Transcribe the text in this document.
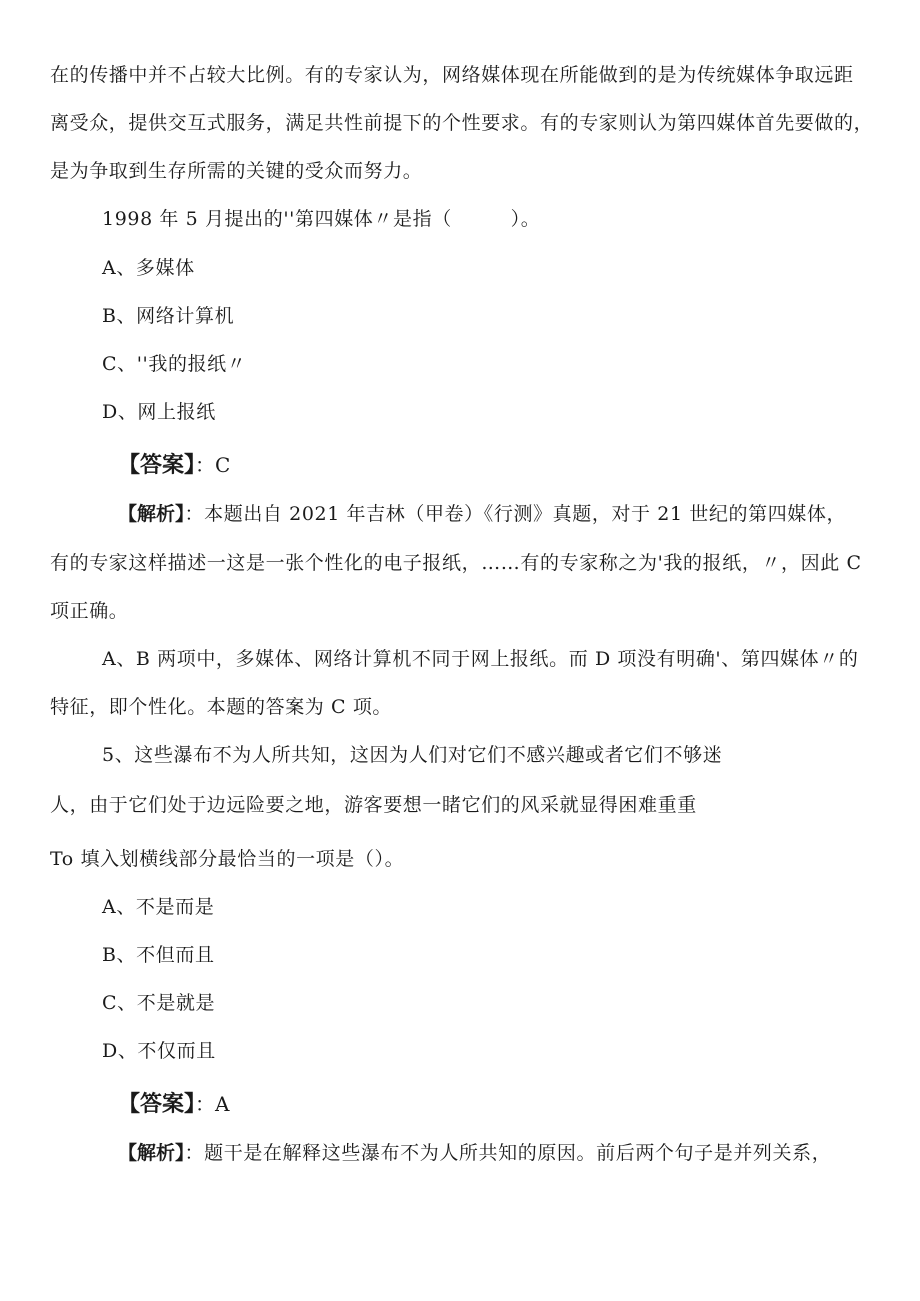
在的传播中并不占较大比例。有的专家认为，网络媒体现在所能做到的是为传统媒体争取远距
离受众，提供交互式服务，满足共性前提下的个性要求。有的专家则认为第四媒体首先要做的，
是为争取到生存所需的关键的受众而努力。
1998 年 5 月提出的''第四媒体〃是指（　　　）。
A、多媒体
B、网络计算机
C、''我的报纸〃
D、网上报纸
【答案】：C
【解析】：本题出自 2021 年吉林（甲卷）《行测》真题，对于 21 世纪的第四媒体，
有的专家这样描述一这是一张个性化的电子报纸，……有的专家称之为'我的报纸，〃，因此 C
项正确。
A、B 两项中，多媒体、网络计算机不同于网上报纸。而 D 项没有明确'、第四媒体〃的
特征，即个性化。本题的答案为 C 项。
5、这些瀑布不为人所共知，这因为人们对它们不感兴趣或者它们不够迷
人，由于它们处于边远险要之地，游客要想一睹它们的风采就显得困难重重
To 填入划横线部分最恰当的一项是（）。
A、不是而是
B、不但而且
C、不是就是
D、不仅而且
【答案】：A
【解析】：题干是在解释这些瀑布不为人所共知的原因。前后两个句子是并列关系，
